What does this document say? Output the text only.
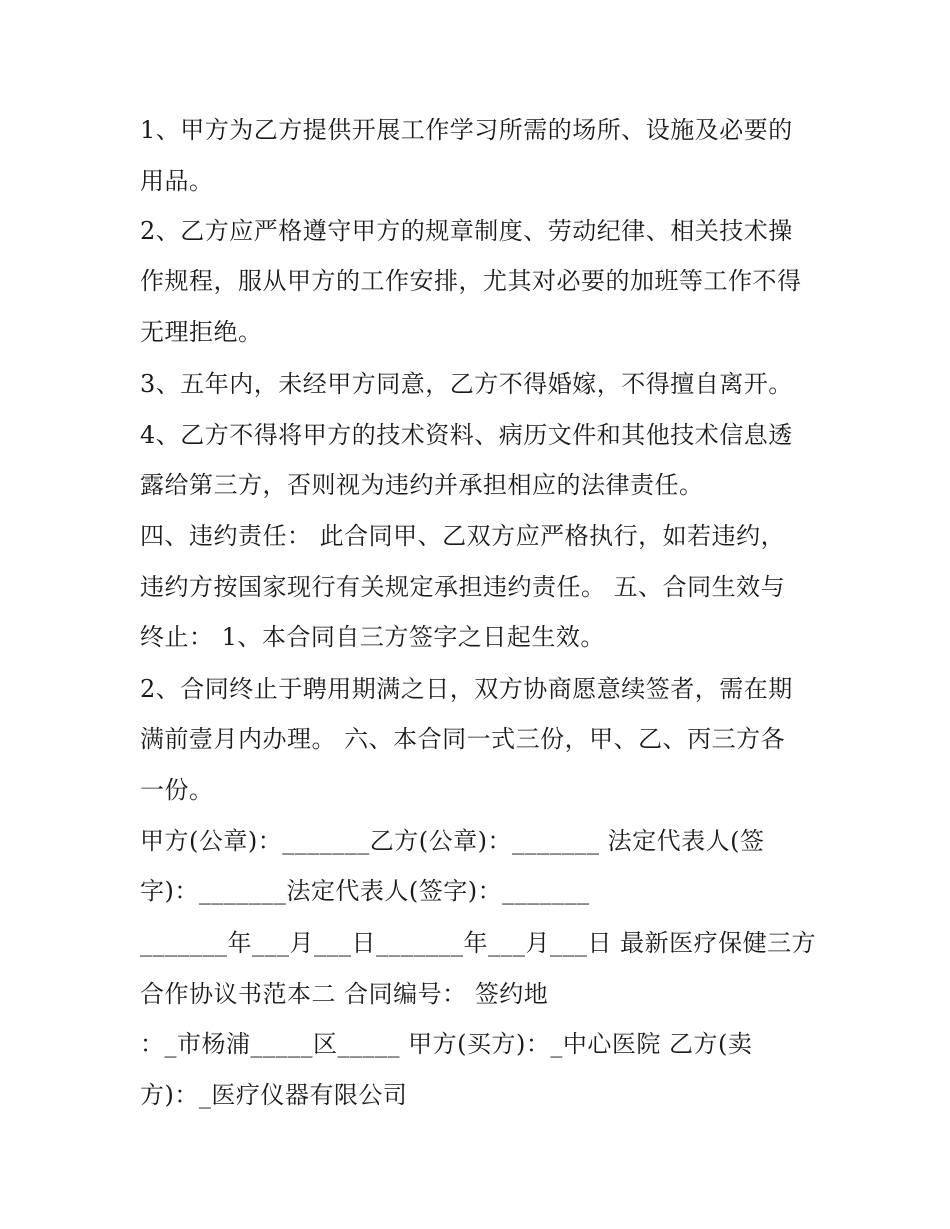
1、甲方为乙方提供开展工作学习所需的场所、设施及必要的
用品。
2、乙方应严格遵守甲方的规章制度、劳动纪律、相关技术操
作规程，服从甲方的工作安排，尤其对必要的加班等工作不得
无理拒绝。
3、五年内，未经甲方同意，乙方不得婚嫁，不得擅自离开。
4、乙方不得将甲方的技术资料、病历文件和其他技术信息透
露给第三方，否则视为违约并承担相应的法律责任。
四、违约责任： 此合同甲、乙双方应严格执行，如若违约，
违约方按国家现行有关规定承担违约责任。 五、合同生效与
终止： 1、本合同自三方签字之日起生效。
2、合同终止于聘用期满之日，双方协商愿意续签者，需在期
满前壹月内办理。 六、本合同一式三份，甲、乙、丙三方各
一份。
甲方(公章)：_______乙方(公章)：_______ 法定代表人(签
字)：_______法定代表人(签字)：_______
_______年___月___日_______年___月___日 最新医疗保健三方
合作协议书范本二 合同编号： 签约地
：_市杨浦_____区_____ 甲方(买方)：_中心医院 乙方(卖
方)：_医疗仪器有限公司
